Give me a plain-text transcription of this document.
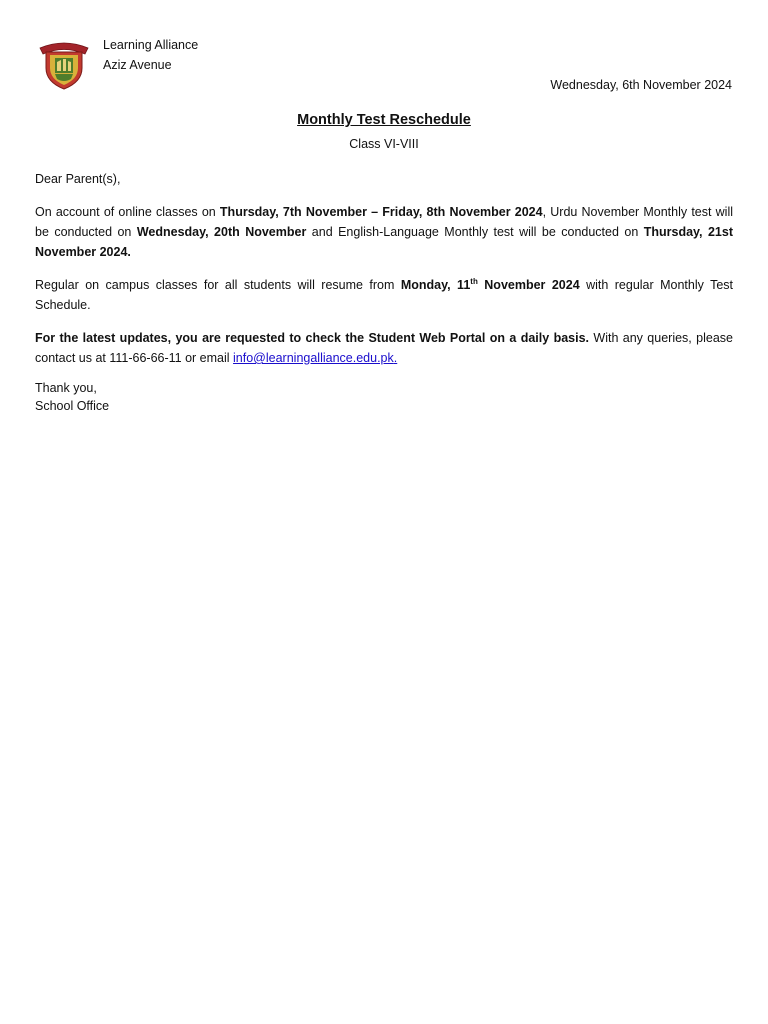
Learning Alliance
Aziz Avenue
Wednesday, 6th November 2024
Monthly Test Reschedule
Class VI-VIII

Dear Parent(s),

On account of online classes on Thursday, 7th November – Friday, 8th November 2024, Urdu November Monthly test will be conducted on Wednesday, 20th November and English-Language Monthly test will be conducted on Thursday, 21st November 2024.

Regular on campus classes for all students will resume from Monday, 11th November 2024 with regular Monthly Test Schedule.

For the latest updates, you are requested to check the Student Web Portal on a daily basis. With any queries, please contact us at 111-66-66-11 or email info@learningalliance.edu.pk.

Thank you,
School Office
